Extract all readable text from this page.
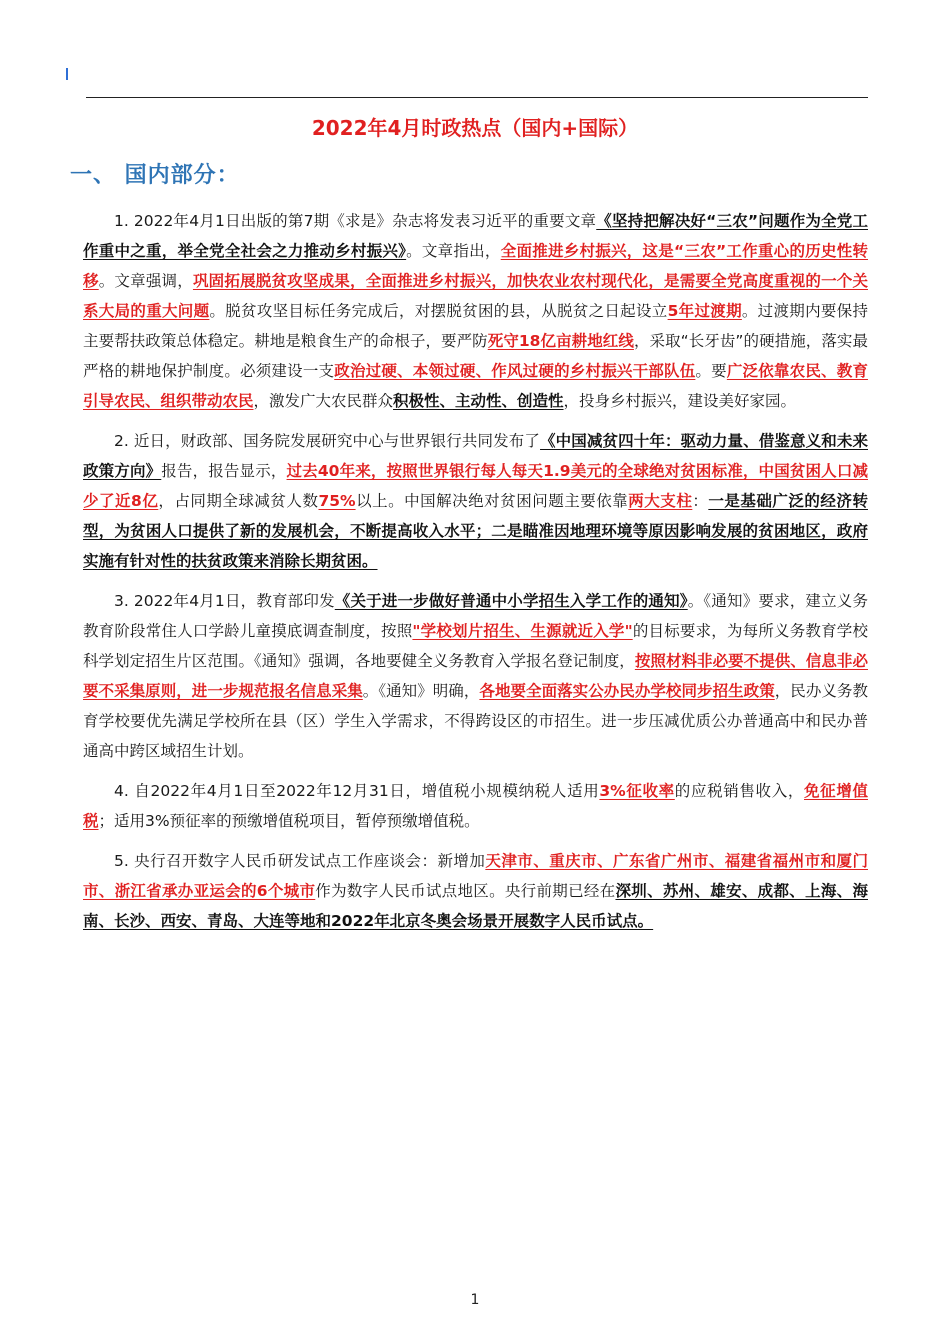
2022年4月时政热点（国内+国际）
一、 国内部分：

1. 2022年4月1日出版的第7期《求是》杂志将发表习近平的重要文章《坚持把解决好“三农”问题作为全党工作重中之重，举全党全社会之力推动乡村振兴》。文章指出，全面推进乡村振兴，这是“三农”工作重心的历史性转移。文章强调，巩固拓展脱贫攻坚成果，全面推进乡村振兴，加快农业农村现代化，是需要全党高度重视的一个关系大局的重大问题。脱贫攻坚目标任务完成后，对摆脱贫困的县，从脱贫之日起设立5年过渡期。过渡期内要保持主要帮扶政策总体稳定。耕地是粮食生产的命根子，要严防死守18亿亩耕地红线，采取“长牙齿”的硬措施，落实最严格的耕地保护制度。必须建设一支政治过硬、本领过硬、作风过硬的乡村振兴干部队伍。要广泛依靠农民、教育引导农民、组织带动农民，激发广大农民群众积极性、主动性、创造性，投身乡村振兴，建设美好家园。

2. 近日，财政部、国务院发展研究中心与世界银行共同发布了《中国减贫四十年：驱动力量、借鉴意义和未来政策方向》报告，报告显示，过去40年来，按照世界银行每人每天1.9美元的全球绝对贫困标准，中国贫困人口减少了近8亿，占同期全球减贫人数75%以上。中国解决绝对贫困问题主要依靠两大支柱：一是基础广泛的经济转型，为贫困人口提供了新的发展机会，不断提高收入水平；二是瞄准因地理环境等原因影响发展的贫困地区，政府实施有针对性的扶贫政策来消除长期贫困。

3. 2022年4月1日，教育部印发《关于进一步做好普通中小学招生入学工作的通知》。《通知》要求，建立义务教育阶段常住人口学龄儿童摸底调查制度，按照"学校划片招生、生源就近入学"的目标要求，为每所义务教育学校科学划定招生片区范围。《通知》强调，各地要健全义务教育入学报名登记制度，按照材料非必要不提供、信息非必要不采集原则，进一步规范报名信息采集。《通知》明确，各地要全面落实公办民办学校同步招生政策，民办义务教育学校要优先满足学校所在县（区）学生入学需求，不得跨设区的市招生。进一步压减优质公办普通高中和民办普通高中跨区域招生计划。

4. 自2022年4月1日至2022年12月31日，增值税小规模纳税人适用3%征收率的应税销售收入，免征增值税；适用3%预征率的预缴增值税项目，暂停预缴增值税。

5. 央行召开数字人民币研发试点工作座谈会：新增加天津市、重庆市、广东省广州市、福建省福州市和厦门市、浙江省承办亚运会的6个城市作为数字人民币试点地区。央行前期已经在深圳、苏州、雄安、成都、上海、海南、长沙、西安、青岛、大连等地和2022年北京冬奥会场景开展数字人民币试点。

1
